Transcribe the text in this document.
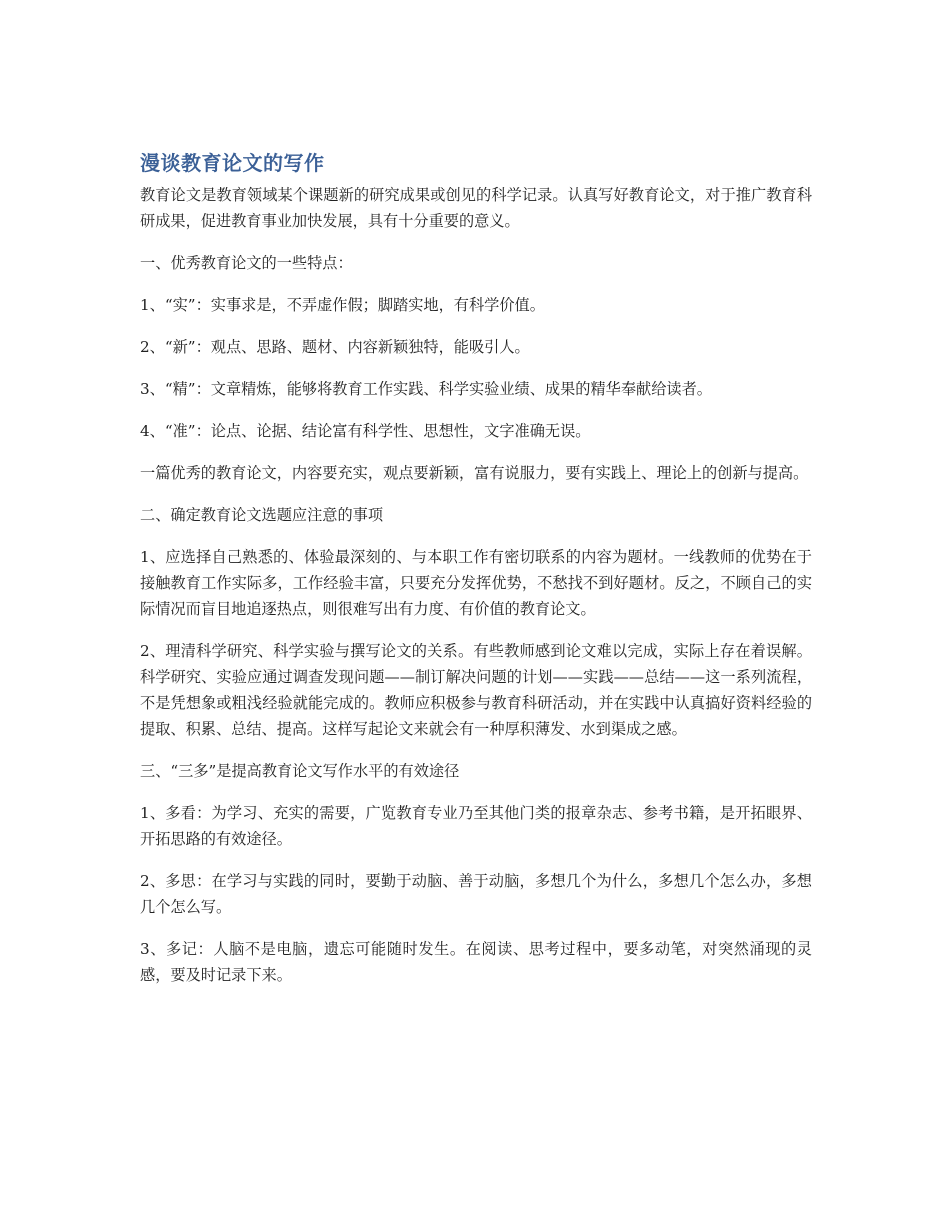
漫谈教育论文的写作

教育论文是教育领域某个课题新的研究成果或创见的科学记录。认真写好教育论文，对于推广教育科研成果，促进教育事业加快发展，具有十分重要的意义。

一、优秀教育论文的一些特点：

1、“实”：实事求是，不弄虚作假；脚踏实地，有科学价值。

2、“新”：观点、思路、题材、内容新颖独特，能吸引人。

3、“精”：文章精炼，能够将教育工作实践、科学实验业绩、成果的精华奉献给读者。

4、“准”：论点、论据、结论富有科学性、思想性，文字准确无误。

一篇优秀的教育论文，内容要充实，观点要新颖，富有说服力，要有实践上、理论上的创新与提高。

二、确定教育论文选题应注意的事项

1、应选择自己熟悉的、体验最深刻的、与本职工作有密切联系的内容为题材。一线教师的优势在于接触教育工作实际多，工作经验丰富，只要充分发挥优势，不愁找不到好题材。反之，不顾自己的实际情况而盲目地追逐热点，则很难写出有力度、有价值的教育论文。

2、理清科学研究、科学实验与撰写论文的关系。有些教师感到论文难以完成，实际上存在着误解。科学研究、实验应通过调查发现问题——制订解决问题的计划——实践——总结——这一系列流程，不是凭想象或粗浅经验就能完成的。教师应积极参与教育科研活动，并在实践中认真搞好资料经验的提取、积累、总结、提高。这样写起论文来就会有一种厚积薄发、水到渠成之感。

三、“三多”是提高教育论文写作水平的有效途径

1、多看：为学习、充实的需要，广览教育专业乃至其他门类的报章杂志、参考书籍，是开拓眼界、开拓思路的有效途径。

2、多思：在学习与实践的同时，要勤于动脑、善于动脑，多想几个为什么，多想几个怎么办，多想几个怎么写。

3、多记：人脑不是电脑，遗忘可能随时发生。在阅读、思考过程中，要多动笔，对突然涌现的灵感，要及时记录下来。
